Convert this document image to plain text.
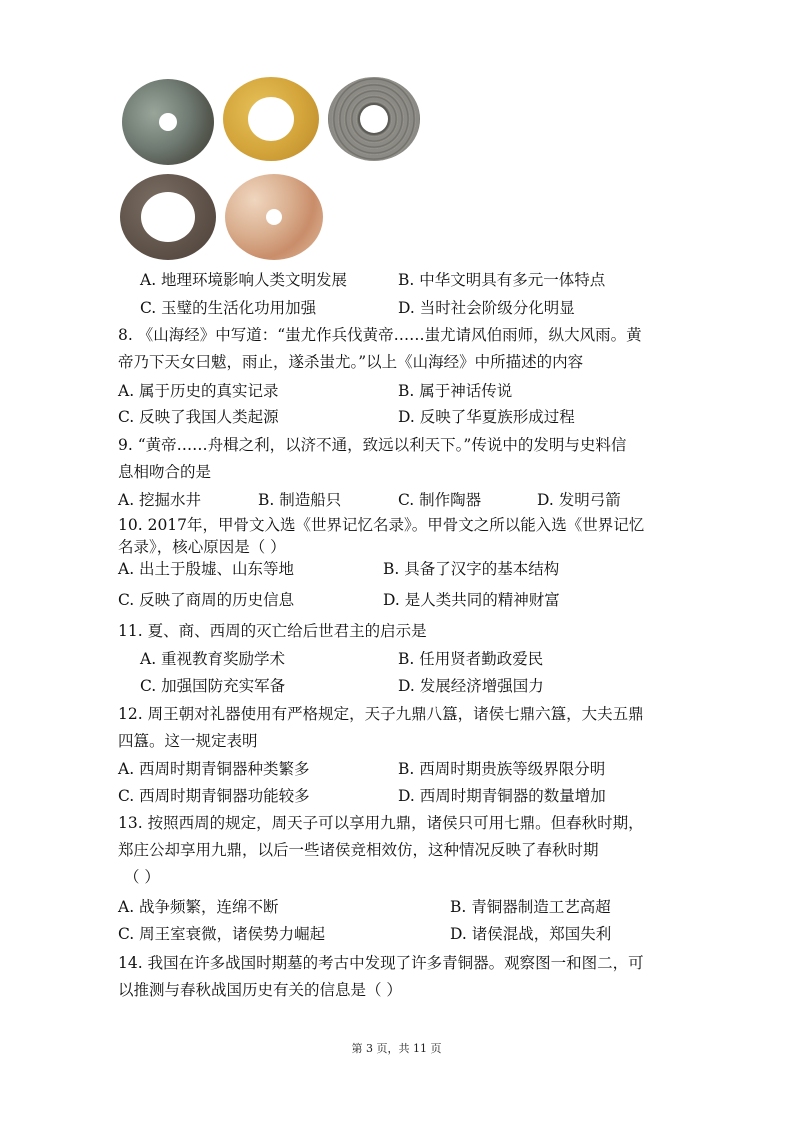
A. 地理环境影响人类文明发展	B. 中华文明具有多元一体特点
C. 玉璧的生活化功用加强	D. 当时社会阶级分化明显
8. 《山海经》中写道：“蚩尤作兵伐黄帝……蚩尤请风伯雨师，纵大风雨。黄
帝乃下天女曰魃，雨止，遂杀蚩尤。”以上《山海经》中所描述的内容
A. 属于历史的真实记录	B. 属于神话传说
C. 反映了我国人类起源	D. 反映了华夏族形成过程
9. “黄帝……舟楫之利，以济不通，致远以利天下。”传说中的发明与史料信
息相吻合的是
A. 挖掘水井	B. 制造船只	C. 制作陶器	D. 发明弓箭
10. 2017年，甲骨文入选《世界记忆名录》。甲骨文之所以能入选《世界记忆
名录》，核心原因是（ ）
A. 出土于殷墟、山东等地	B. 具备了汉字的基本结构
C. 反映了商周的历史信息	D. 是人类共同的精神财富
11. 夏、商、西周的灭亡给后世君主的启示是
A. 重视教育奖励学术	B. 任用贤者勤政爱民
C. 加强国防充实军备	D. 发展经济增强国力
12. 周王朝对礼器使用有严格规定，天子九鼎八簋，诸侯七鼎六簋，大夫五鼎
四簋。这一规定表明
A. 西周时期青铜器种类繁多	B. 西周时期贵族等级界限分明
C. 西周时期青铜器功能较多	D. 西周时期青铜器的数量增加
13. 按照西周的规定，周天子可以享用九鼎，诸侯只可用七鼎。但春秋时期，
郑庄公却享用九鼎，以后一些诸侯竞相效仿，这种情况反映了春秋时期
（ ）
A. 战争频繁，连绵不断	B. 青铜器制造工艺高超
C. 周王室衰微，诸侯势力崛起	D. 诸侯混战，郑国失利
14. 我国在许多战国时期墓的考古中发现了许多青铜器。观察图一和图二，可
以推测与春秋战国历史有关的信息是（ ）
第 3 页，共 11 页
